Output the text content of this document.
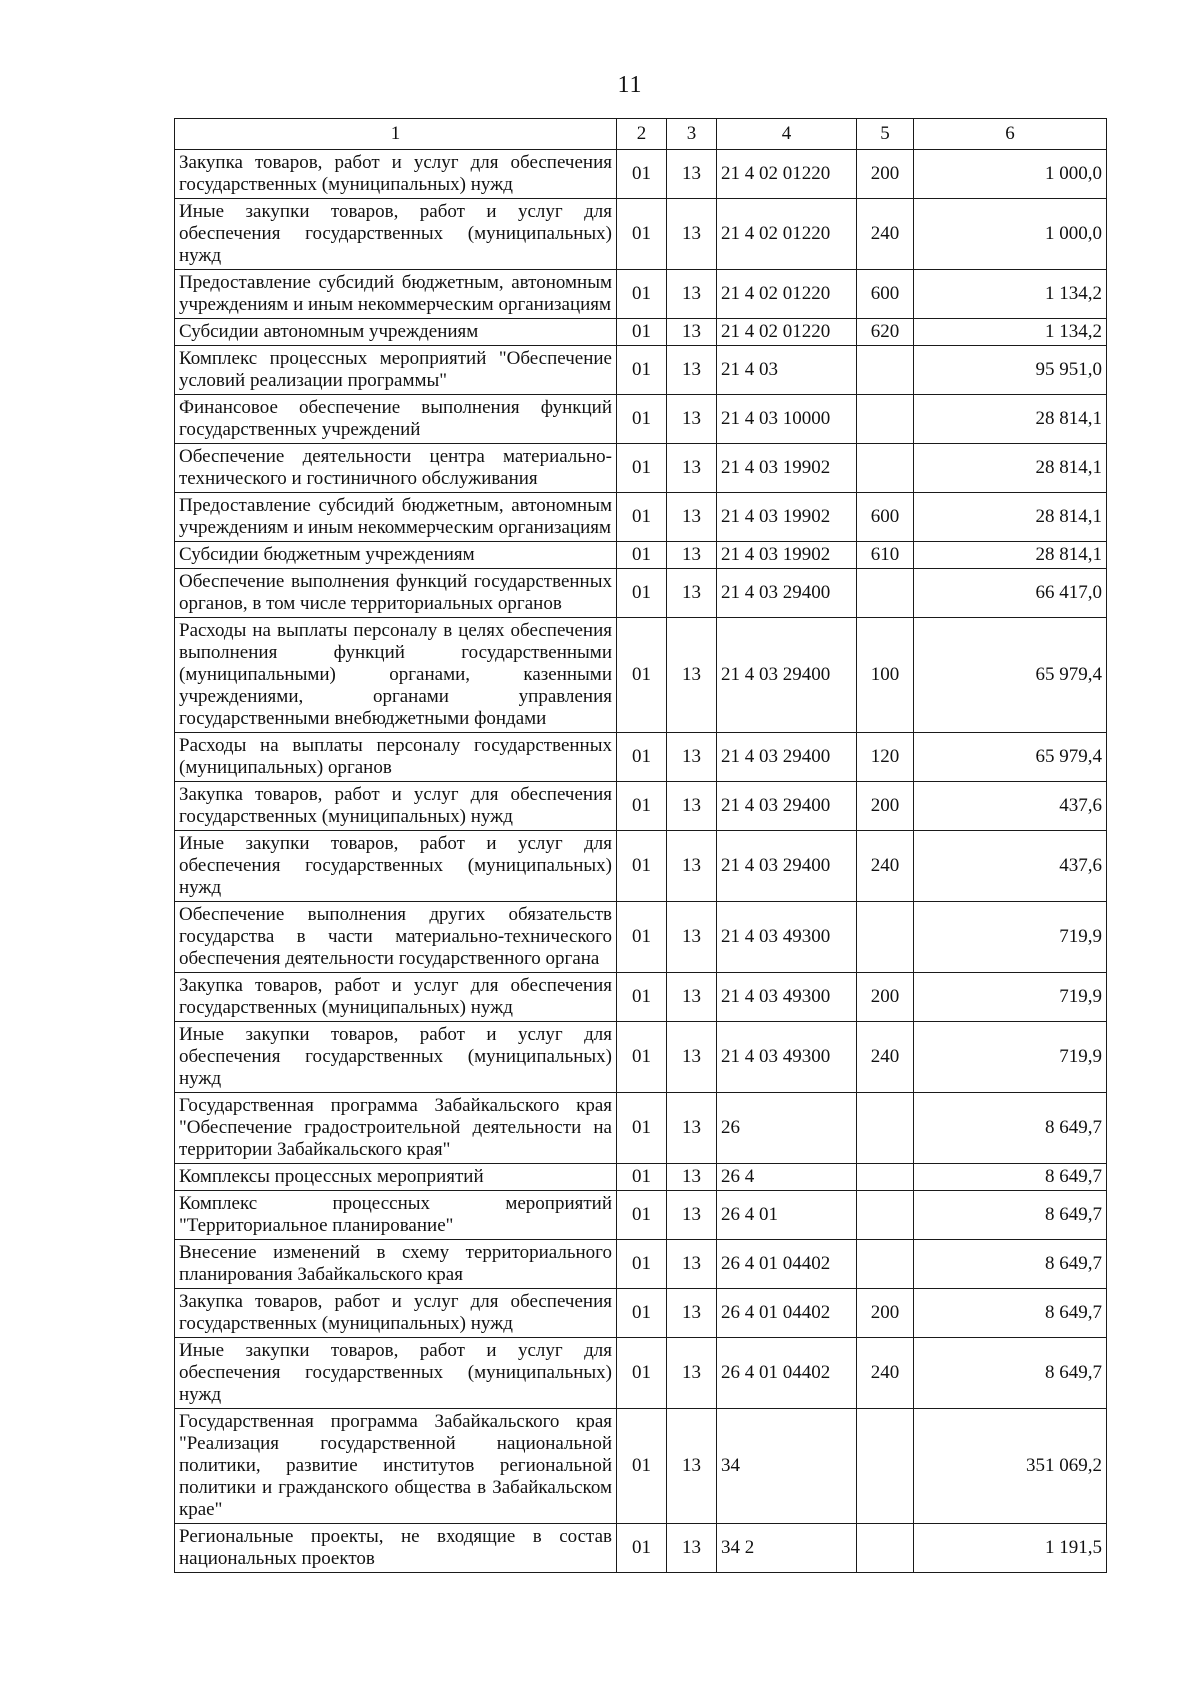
11
1	2	3	4	5	6
Закупка товаров, работ и услуг для обеспечения государственных (муниципальных) нужд	01	13	21 4 02 01220	200	1 000,0
Иные закупки товаров, работ и услуг для обеспечения государственных (муниципальных) нужд	01	13	21 4 02 01220	240	1 000,0
Предоставление субсидий бюджетным, автономным учреждениям и иным некоммерческим организациям	01	13	21 4 02 01220	600	1 134,2
Субсидии автономным учреждениям	01	13	21 4 02 01220	620	1 134,2
Комплекс процессных мероприятий "Обеспечение условий реализации программы"	01	13	21 4 03		95 951,0
Финансовое обеспечение выполнения функций государственных учреждений	01	13	21 4 03 10000		28 814,1
Обеспечение деятельности центра материально-технического и гостиничного обслуживания	01	13	21 4 03 19902		28 814,1
Предоставление субсидий бюджетным, автономным учреждениям и иным некоммерческим организациям	01	13	21 4 03 19902	600	28 814,1
Субсидии бюджетным учреждениям	01	13	21 4 03 19902	610	28 814,1
Обеспечение выполнения функций государственных органов, в том числе территориальных органов	01	13	21 4 03 29400		66 417,0
Расходы на выплаты персоналу в целях обеспечения выполнения функций государственными (муниципальными) органами, казенными учреждениями, органами управления государственными внебюджетными фондами	01	13	21 4 03 29400	100	65 979,4
Расходы на выплаты персоналу государственных (муниципальных) органов	01	13	21 4 03 29400	120	65 979,4
Закупка товаров, работ и услуг для обеспечения государственных (муниципальных) нужд	01	13	21 4 03 29400	200	437,6
Иные закупки товаров, работ и услуг для обеспечения государственных (муниципальных) нужд	01	13	21 4 03 29400	240	437,6
Обеспечение выполнения других обязательств государства в части материально-технического обеспечения деятельности государственного органа	01	13	21 4 03 49300		719,9
Закупка товаров, работ и услуг для обеспечения государственных (муниципальных) нужд	01	13	21 4 03 49300	200	719,9
Иные закупки товаров, работ и услуг для обеспечения государственных (муниципальных) нужд	01	13	21 4 03 49300	240	719,9
Государственная программа Забайкальского края "Обеспечение градостроительной деятельности на территории Забайкальского края"	01	13	26		8 649,7
Комплексы процессных мероприятий	01	13	26 4		8 649,7
Комплекс процессных мероприятий "Территориальное планирование"	01	13	26 4 01		8 649,7
Внесение изменений в схему территориального планирования Забайкальского края	01	13	26 4 01 04402		8 649,7
Закупка товаров, работ и услуг для обеспечения государственных (муниципальных) нужд	01	13	26 4 01 04402	200	8 649,7
Иные закупки товаров, работ и услуг для обеспечения государственных (муниципальных) нужд	01	13	26 4 01 04402	240	8 649,7
Государственная программа Забайкальского края "Реализация государственной национальной политики, развитие институтов региональной политики и гражданского общества в Забайкальском крае"	01	13	34		351 069,2
Региональные проекты, не входящие в состав национальных проектов	01	13	34 2		1 191,5
